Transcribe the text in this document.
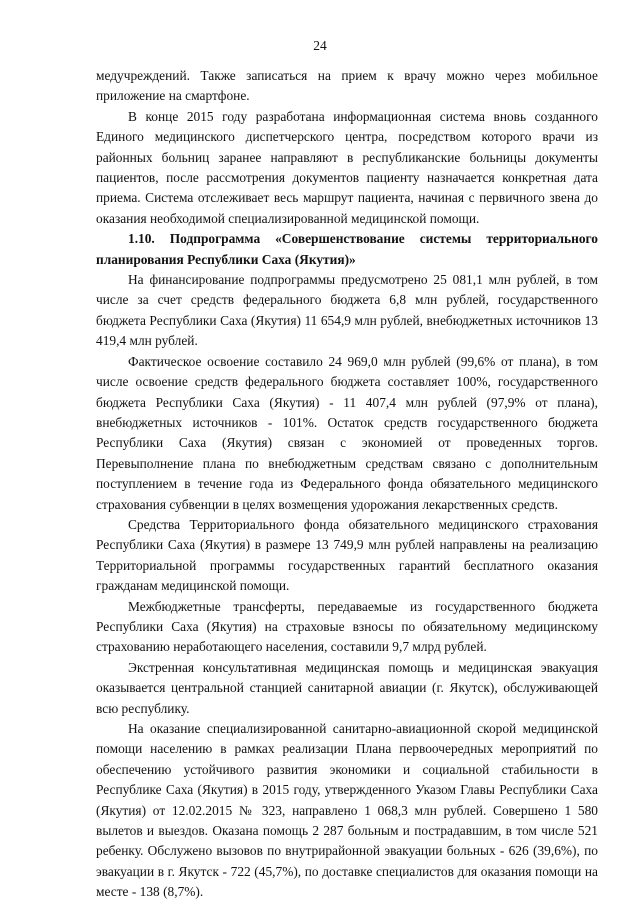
24

медучреждений. Также записаться на прием к врачу можно через мобильное приложение на смартфоне.

В конце 2015 году разработана информационная система вновь созданного Единого медицинского диспетчерского центра, посредством которого врачи из районных больниц заранее направляют в республиканские больницы документы пациентов, после рассмотрения документов пациенту назначается конкретная дата приема. Система отслеживает весь маршрут пациента, начиная с первичного звена до оказания необходимой специализированной медицинской помощи.

1.10. Подпрограмма «Совершенствование системы территориального планирования Республики Саха (Якутия)»

На финансирование подпрограммы предусмотрено 25 081,1 млн рублей, в том числе за счет средств федерального бюджета 6,8 млн рублей, государственного бюджета Республики Саха (Якутия) 11 654,9 млн рублей, внебюджетных источников 13 419,4 млн рублей.

Фактическое освоение составило 24 969,0 млн рублей (99,6% от плана), в том числе освоение средств федерального бюджета составляет 100%, государственного бюджета Республики Саха (Якутия) - 11 407,4 млн рублей (97,9% от плана), внебюджетных источников - 101%. Остаток средств государственного бюджета Республики Саха (Якутия) связан с экономией от проведенных торгов. Перевыполнение плана по внебюджетным средствам связано с дополнительным поступлением в течение года из Федерального фонда обязательного медицинского страхования субвенции в целях возмещения удорожания лекарственных средств.

Средства Территориального фонда обязательного медицинского страхования Республики Саха (Якутия) в размере 13 749,9 млн рублей направлены на реализацию Территориальной программы государственных гарантий бесплатного оказания гражданам медицинской помощи.

Межбюджетные трансферты, передаваемые из государственного бюджета Республики Саха (Якутия) на страховые взносы по обязательному медицинскому страхованию неработающего населения, составили 9,7 млрд рублей.

Экстренная консультативная медицинская помощь и медицинская эвакуация оказывается центральной станцией санитарной авиации (г. Якутск), обслуживающей всю республику.

На оказание специализированной санитарно-авиационной скорой медицинской помощи населению в рамках реализации Плана первоочередных мероприятий по обеспечению устойчивого развития экономики и социальной стабильности в Республике Саха (Якутия) в 2015 году, утвержденного Указом Главы Республики Саха (Якутия) от 12.02.2015 № 323, направлено 1 068,3 млн рублей. Совершено 1 580 вылетов и выездов. Оказана помощь 2 287 больным и пострадавшим, в том числе 521 ребенку. Обслужено вызовов по внутрирайонной эвакуации больных - 626 (39,6%), по эвакуации в г. Якутск - 722 (45,7%), по доставке специалистов для оказания помощи на месте - 138 (8,7%).
